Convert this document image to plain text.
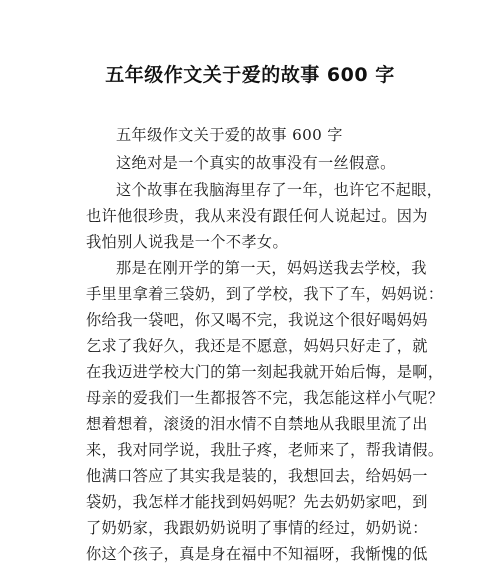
五年级作文关于爱的故事 600 字
五年级作文关于爱的故事 600 字
这绝对是一个真实的故事没有一丝假意。
这个故事在我脑海里存了一年，也许它不起眼，
也许他很珍贵，我从来没有跟任何人说起过。因为
我怕别人说我是一个不孝女。
那是在刚开学的第一天，妈妈送我去学校，我
手里里拿着三袋奶，到了学校，我下了车，妈妈说：
你给我一袋吧，你又喝不完，我说这个很好喝妈妈
乞求了我好久，我还是不愿意，妈妈只好走了，就
在我迈进学校大门的第一刻起我就开始后悔，是啊，
母亲的爱我们一生都报答不完，我怎能这样小气呢？
想着想着，滚烫的泪水情不自禁地从我眼里流了出
来，我对同学说，我肚子疼，老师来了，帮我请假。
他满口答应了其实我是装的，我想回去，给妈妈一
袋奶，我怎样才能找到妈妈呢？先去奶奶家吧，到
了奶奶家，我跟奶奶说明了事情的经过，奶奶说：
你这个孩子，真是身在福中不知福呀，我惭愧的低
